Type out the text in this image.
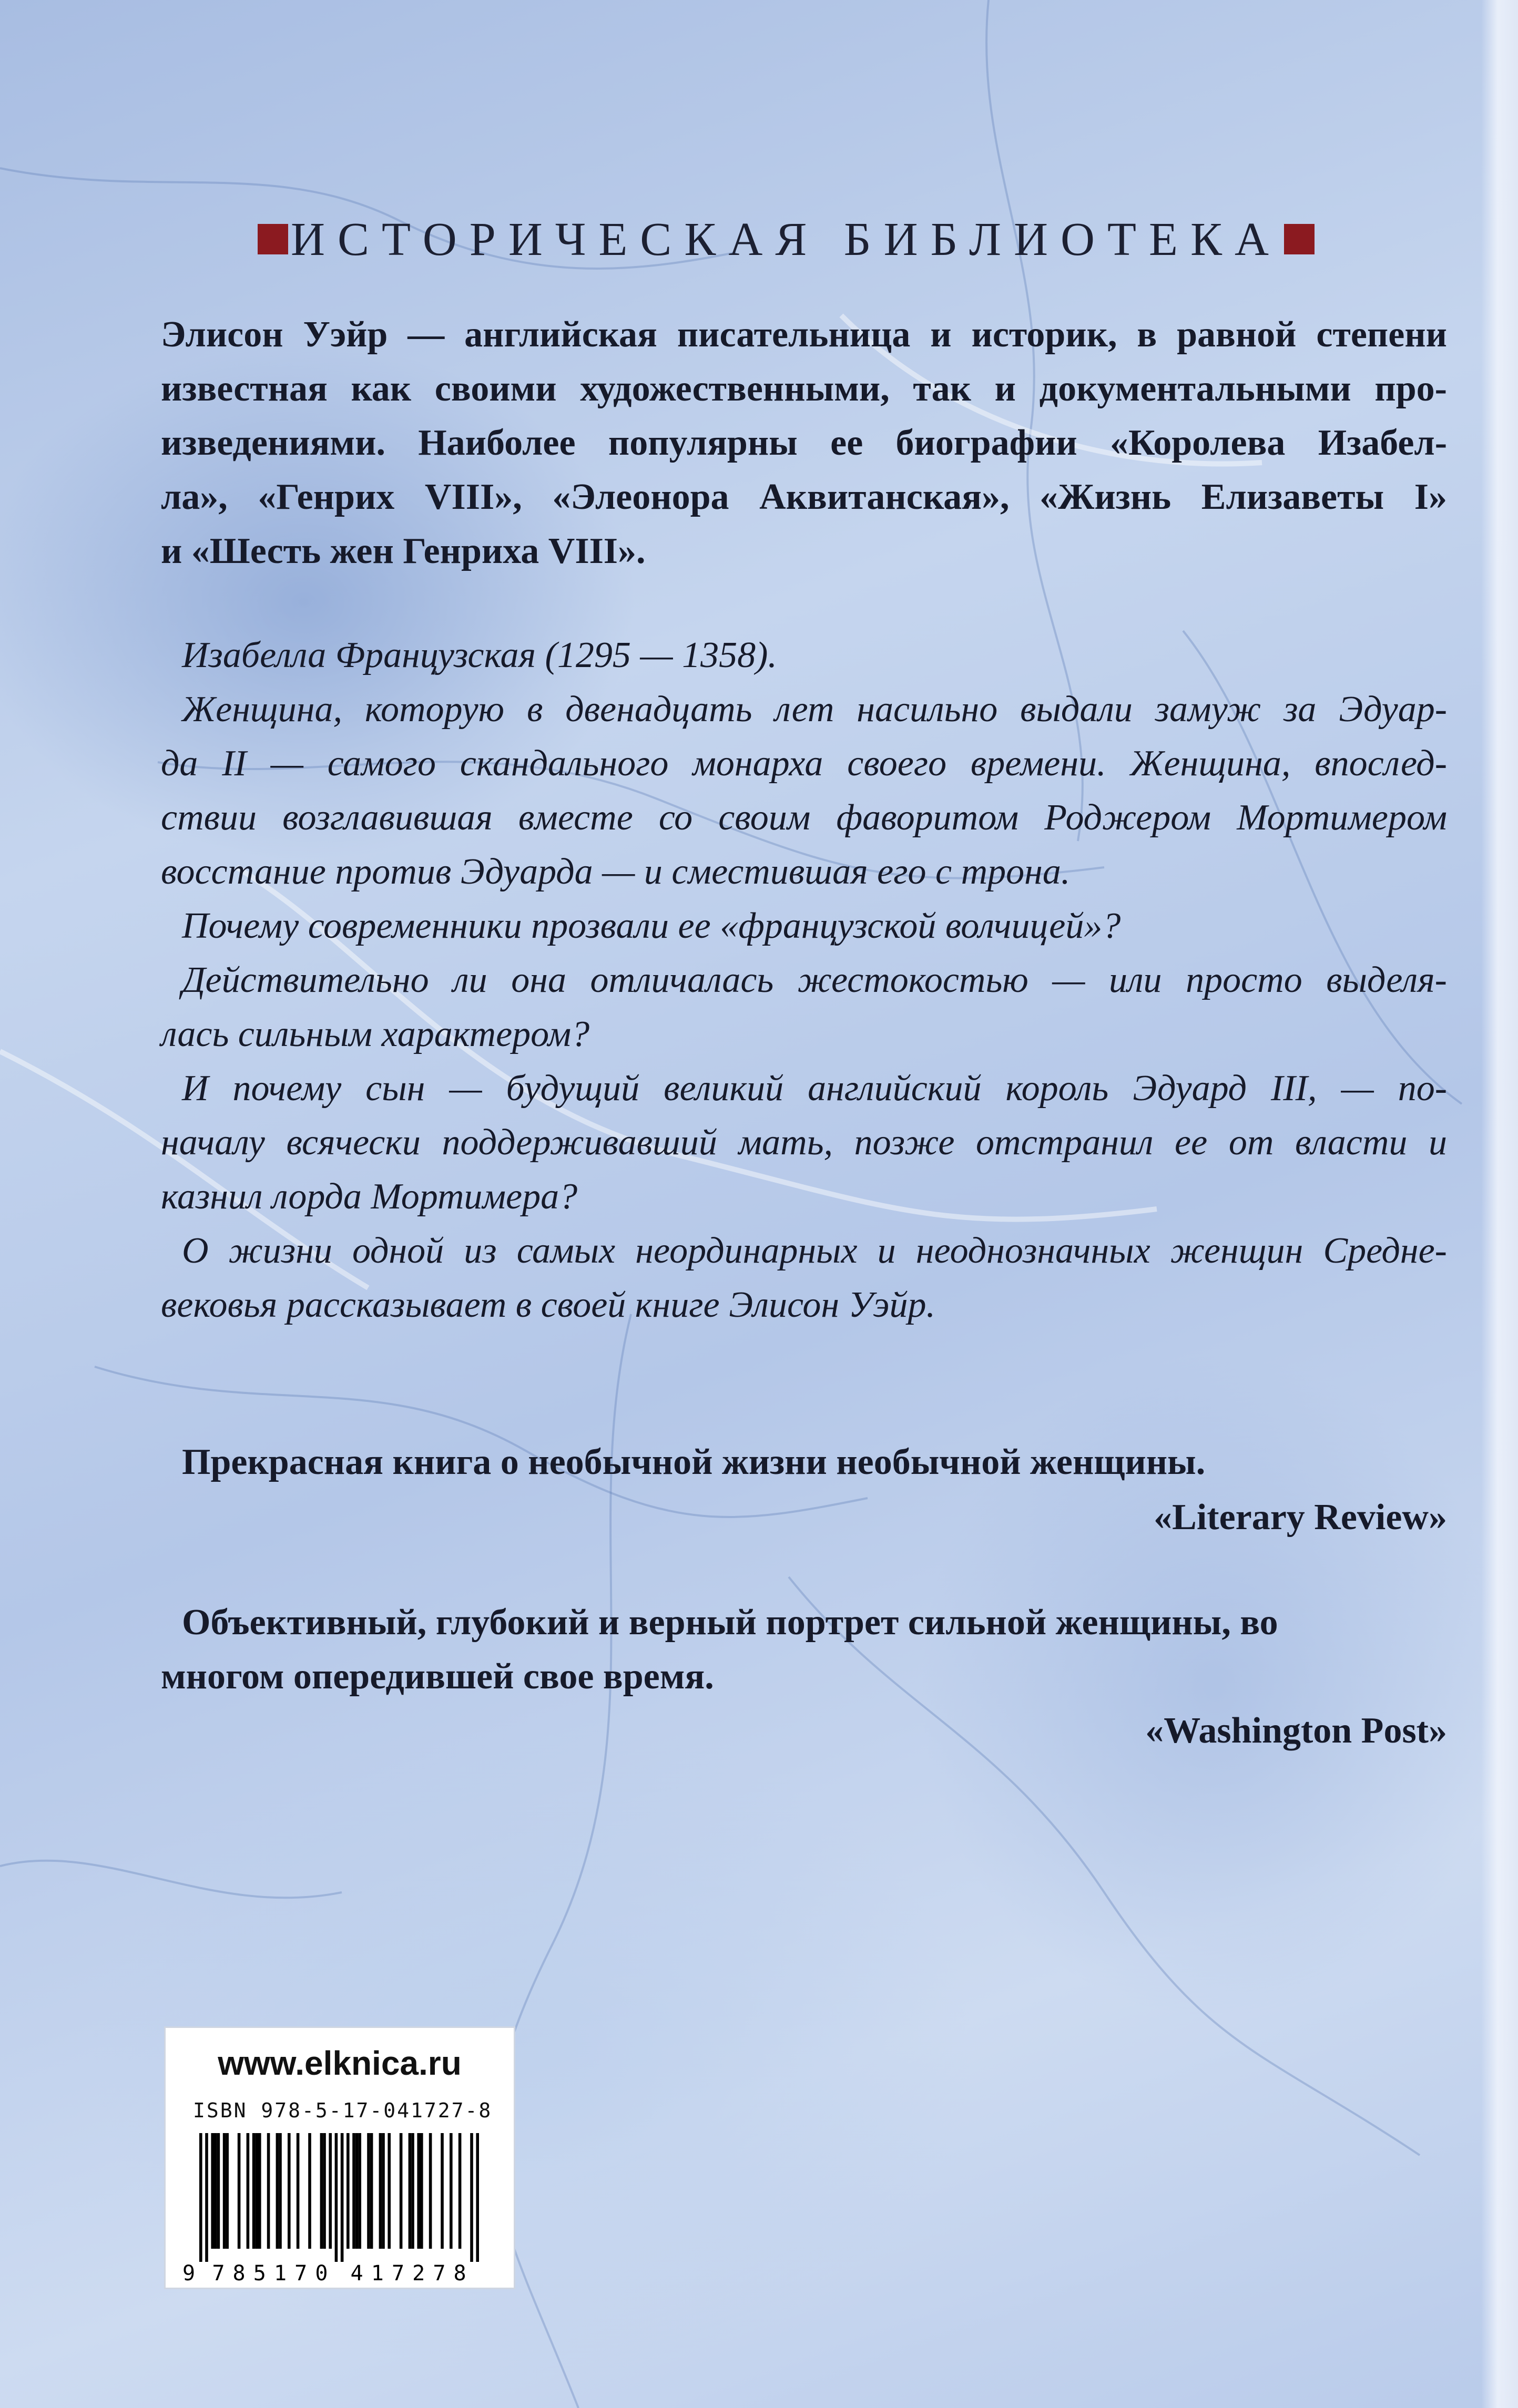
ИСТОРИЧЕСКАЯ БИБЛИОТЕКА
Элисон Уэйр — английская писательница и историк, в равной степени
известная как своими художественными, так и документальными про-
изведениями. Наиболее популярны ее биографии «Королева Изабел-
ла», «Генрих VIII», «Элеонора Аквитанская», «Жизнь Елизаветы I»
и «Шесть жен Генриха VIII».
Изабелла Французская (1295 — 1358).
Женщина, которую в двенадцать лет насильно выдали замуж за Эдуар-
да II — самого скандального монарха своего времени. Женщина, впослед-
ствии возглавившая вместе со своим фаворитом Роджером Мортимером
восстание против Эдуарда — и сместившая его с трона.
Почему современники прозвали ее «французской волчицей»?
Действительно ли она отличалась жестокостью — или просто выделя-
лась сильным характером?
И почему сын — будущий великий английский король Эдуард III, — по-
началу всячески поддерживавший мать, позже отстранил ее от власти и
казнил лорда Мортимера?
О жизни одной из самых неординарных и неоднозначных женщин Средне-
вековья рассказывает в своей книге Элисон Уэйр.
Прекрасная книга о необычной жизни необычной женщины.
«Literary Review»
Объективный, глубокий и верный портрет сильной женщины, во
многом опередившей свое время.
«Washington Post»
www.elknica.ru
ISBN 978-5-17-041727-8
9 7 8 5 1 7 0 4 1 7 2 7 8
